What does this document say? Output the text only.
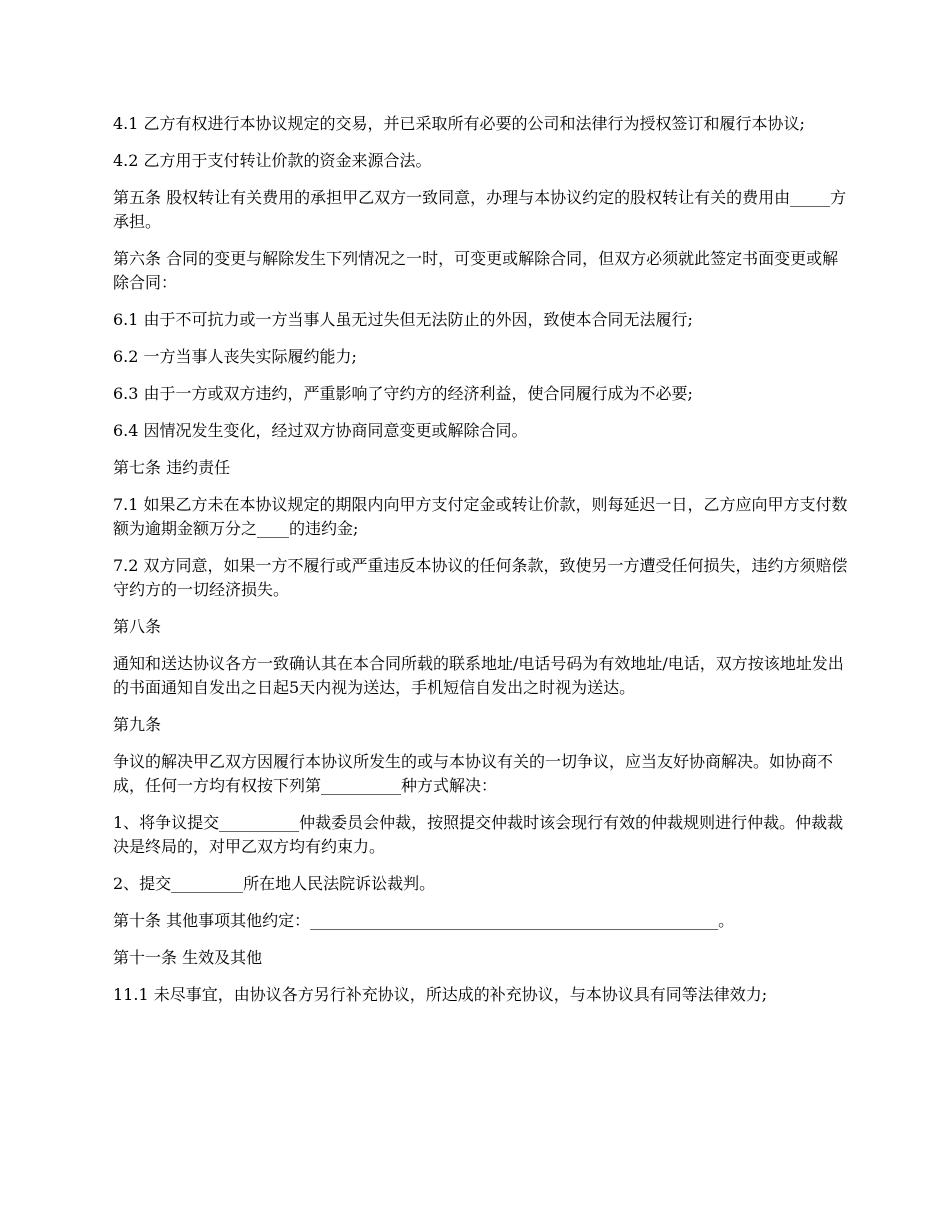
4.1 乙方有权进行本协议规定的交易，并已采取所有必要的公司和法律行为授权签订和履行本协议;

4.2 乙方用于支付转让价款的资金来源合法。

第五条 股权转让有关费用的承担甲乙双方一致同意，办理与本协议约定的股权转让有关的费用由_____方承担。

第六条 合同的变更与解除发生下列情况之一时，可变更或解除合同，但双方必须就此签定书面变更或解除合同：

6.1 由于不可抗力或一方当事人虽无过失但无法防止的外因，致使本合同无法履行;

6.2 一方当事人丧失实际履约能力;

6.3 由于一方或双方违约，严重影响了守约方的经济利益，使合同履行成为不必要;

6.4 因情况发生变化，经过双方协商同意变更或解除合同。

第七条 违约责任

7.1 如果乙方未在本协议规定的期限内向甲方支付定金或转让价款，则每延迟一日，乙方应向甲方支付数额为逾期金额万分之____的违约金;

7.2 双方同意，如果一方不履行或严重违反本协议的任何条款，致使另一方遭受任何损失，违约方须赔偿守约方的一切经济损失。

第八条

通知和送达协议各方一致确认其在本合同所载的联系地址/电话号码为有效地址/电话，双方按该地址发出的书面通知自发出之日起5天内视为送达，手机短信自发出之时视为送达。

第九条

争议的解决甲乙双方因履行本协议所发生的或与本协议有关的一切争议，应当友好协商解决。如协商不成，任何一方均有权按下列第__________种方式解决：

1、将争议提交__________仲裁委员会仲裁，按照提交仲裁时该会现行有效的仲裁规则进行仲裁。仲裁裁决是终局的，对甲乙双方均有约束力。

2、提交_________所在地人民法院诉讼裁判。

第十条 其他事项其他约定：___________________________________________________。

第十一条 生效及其他

11.1 未尽事宜，由协议各方另行补充协议，所达成的补充协议，与本协议具有同等法律效力;
